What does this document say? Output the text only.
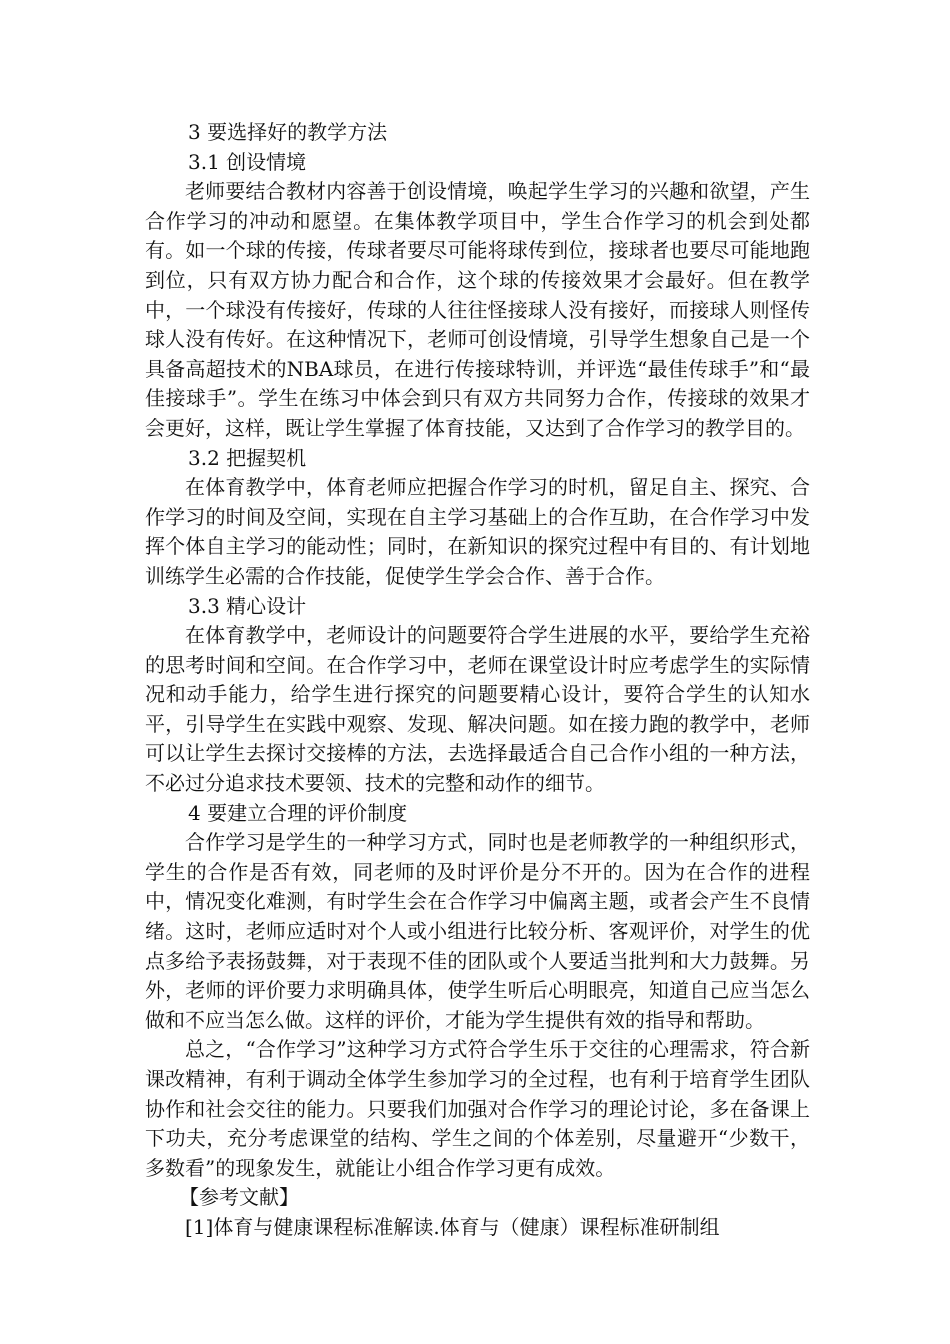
3 要选择好的教学方法

3.1 创设情境

老师要结合教材内容善于创设情境，唤起学生学习的兴趣和欲望，产生合作学习的冲动和愿望。在集体教学项目中，学生合作学习的机会到处都有。如一个球的传接，传球者要尽可能将球传到位，接球者也要尽可能地跑到位，只有双方协力配合和合作，这个球的传接效果才会最好。但在教学中，一个球没有传接好，传球的人往往怪接球人没有接好，而接球人则怪传球人没有传好。在这种情况下，老师可创设情境，引导学生想象自己是一个具备高超技术的NBA球员，在进行传接球特训，并评选“最佳传球手”和“最佳接球手”。学生在练习中体会到只有双方共同努力合作，传接球的效果才会更好，这样，既让学生掌握了体育技能，又达到了合作学习的教学目的。

3.2 把握契机

在体育教学中，体育老师应把握合作学习的时机，留足自主、探究、合作学习的时间及空间，实现在自主学习基础上的合作互助，在合作学习中发挥个体自主学习的能动性；同时，在新知识的探究过程中有目的、有计划地训练学生必需的合作技能，促使学生学会合作、善于合作。

3.3 精心设计

在体育教学中，老师设计的问题要符合学生进展的水平，要给学生充裕的思考时间和空间。在合作学习中，老师在课堂设计时应考虑学生的实际情况和动手能力，给学生进行探究的问题要精心设计，要符合学生的认知水平，引导学生在实践中观察、发现、解决问题。如在接力跑的教学中，老师可以让学生去探讨交接棒的方法，去选择最适合自己合作小组的一种方法，不必过分追求技术要领、技术的完整和动作的细节。

4 要建立合理的评价制度

合作学习是学生的一种学习方式，同时也是老师教学的一种组织形式，学生的合作是否有效，同老师的及时评价是分不开的。因为在合作的进程中，情况变化难测，有时学生会在合作学习中偏离主题，或者会产生不良情绪。这时，老师应适时对个人或小组进行比较分析、客观评价，对学生的优点多给予表扬鼓舞，对于表现不佳的团队或个人要适当批判和大力鼓舞。另外，老师的评价要力求明确具体，使学生听后心明眼亮，知道自己应当怎么做和不应当怎么做。这样的评价，才能为学生提供有效的指导和帮助。

总之，“合作学习”这种学习方式符合学生乐于交往的心理需求，符合新课改精神，有利于调动全体学生参加学习的全过程，也有利于培育学生团队协作和社会交往的能力。只要我们加强对合作学习的理论讨论，多在备课上下功夫，充分考虑课堂的结构、学生之间的个体差别，尽量避开“少数干，多数看”的现象发生，就能让小组合作学习更有成效。

【参考文献】

[1]体育与健康课程标准解读.体育与（健康）课程标准研制组
